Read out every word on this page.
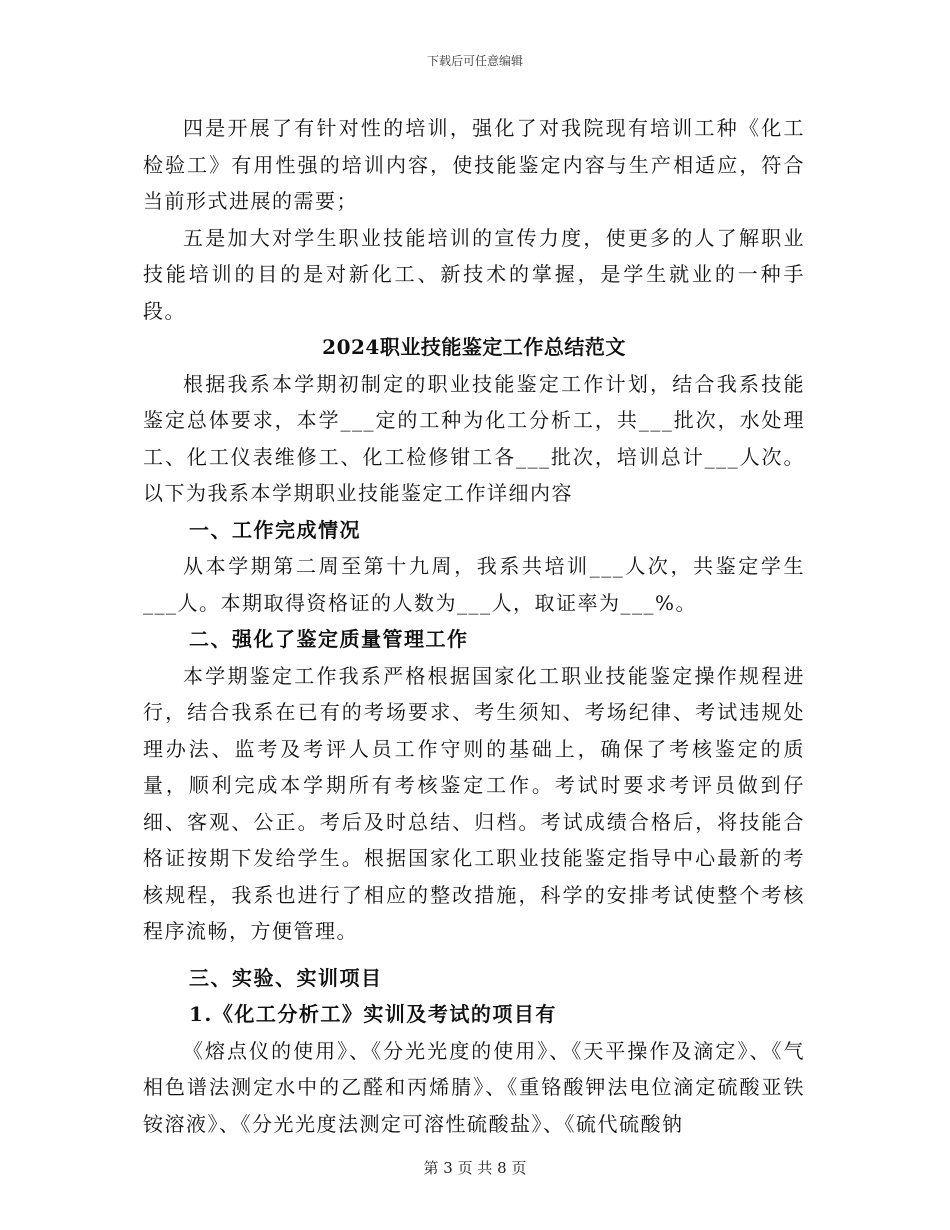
下载后可任意编辑

四是开展了有针对性的培训，强化了对我院现有培训工种《化工检验工》有用性强的培训内容，使技能鉴定内容与生产相适应，符合当前形式进展的需要；

五是加大对学生职业技能培训的宣传力度，使更多的人了解职业技能培训的目的是对新化工、新技术的掌握，是学生就业的一种手段。

2024职业技能鉴定工作总结范文

根据我系本学期初制定的职业技能鉴定工作计划，结合我系技能鉴定总体要求，本学___定的工种为化工分析工，共___批次，水处理工、化工仪表维修工、化工检修钳工各___批次，培训总计___人次。以下为我系本学期职业技能鉴定工作详细内容

一、工作完成情况

从本学期第二周至第十九周，我系共培训___人次，共鉴定学生___人。本期取得资格证的人数为___人，取证率为___%。

二、强化了鉴定质量管理工作

本学期鉴定工作我系严格根据国家化工职业技能鉴定操作规程进行，结合我系在已有的考场要求、考生须知、考场纪律、考试违规处理办法、监考及考评人员工作守则的基础上，确保了考核鉴定的质量，顺利完成本学期所有考核鉴定工作。考试时要求考评员做到仔细、客观、公正。考后及时总结、归档。考试成绩合格后，将技能合格证按期下发给学生。根据国家化工职业技能鉴定指导中心最新的考核规程，我系也进行了相应的整改措施，科学的安排考试使整个考核程序流畅，方便管理。

三、实验、实训项目

1.《化工分析工》实训及考试的项目有

《熔点仪的使用》、《分光光度的使用》、《天平操作及滴定》、《气相色谱法测定水中的乙醛和丙烯腈》、《重铬酸钾法电位滴定硫酸亚铁铵溶液》、《分光光度法测定可溶性硫酸盐》、《硫代硫酸钠

第 3 页 共 8 页
